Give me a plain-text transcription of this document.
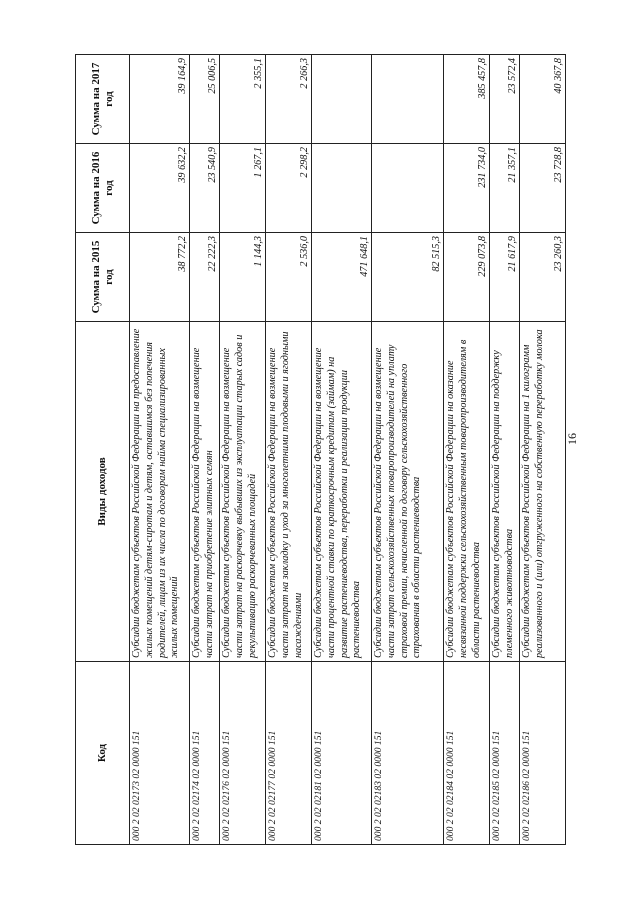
16
Код	Виды доходов	Сумма на 2015 год	Сумма на 2016 год	Сумма на 2017 год
000 2 02 02173 02 0000 151	Субсидии бюджетам субъектов Российской Федерации на предоставление жилых помещений детям-сиротам и детям, оставшимся без попечения родителей, лицам из их числа по договорам найма специализированных жилых помещений	38 772,2	39 632,2	39 164,9
000 2 02 02174 02 0000 151	Субсидии бюджетам субъектов Российской Федерации на возмещение части затрат на приобретение элитных семян	22 222,3	23 540,9	25 006,5
000 2 02 02176 02 0000 151	Субсидии бюджетам субъектов Российской Федерации на возмещение части затрат на раскорчевку выбывших из эксплуатации старых садов и рекультивацию раскорчеванных площадей	1 144,3	1 267,1	2 355,1
000 2 02 02177 02 0000 151	Субсидии бюджетам субъектов Российской Федерации на возмещение части затрат на закладку и уход за многолетними плодовыми и ягодными насаждениями	2 536,0	2 298,2	2 266,3
000 2 02 02181 02 0000 151	Субсидии бюджетам субъектов Российской Федерации на возмещение части процентной ставки по краткосрочным кредитам (займам) на развитие растениеводства, переработки и реализации продукции растениеводства	471 648,1		
000 2 02 02183 02 0000 151	Субсидии бюджетам субъектов Российской Федерации на возмещение части затрат сельскохозяйственных товаропроизводителей на уплату страховой премии, начисленной по договору сельскохозяйственного страхования в области растениеводства	82 515,3		
000 2 02 02184 02 0000 151	Субсидии бюджетам субъектов Российской Федерации на оказание несвязанной поддержки сельскохозяйственным товаропроизводителям в области растениеводства	229 073,8	231 734,0	385 457,8
000 2 02 02185 02 0000 151	Субсидии бюджетам субъектов Российской Федерации на поддержку племенного животноводства	21 617,9	21 357,1	23 572,4
000 2 02 02186 02 0000 151	Субсидии бюджетам субъектов Российской Федерации на 1 килограмм реализованного и (или) отгруженного на собственную переработку молока	23 260,3	23 728,8	40 367,8
